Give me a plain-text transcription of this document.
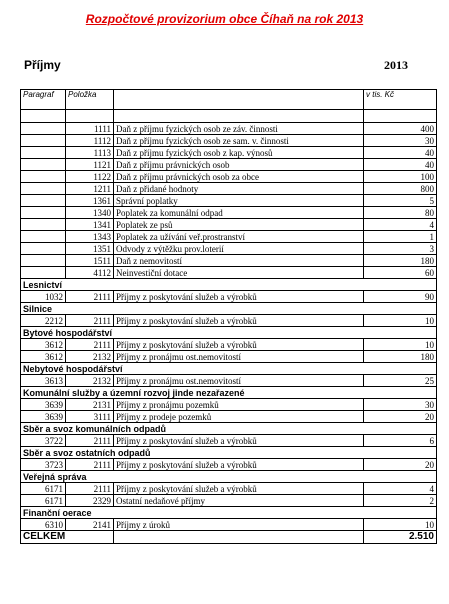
Rozpočtové provizorium obce Číhaň na rok 2013
Příjmy	2013
Paragraf	Položka		v tis. Kč

	1111	Daň z příjmu fyzických osob ze záv. činnosti	400
	1112	Daň z příjmu fyzických osob ze sam. v. činnosti	30
	1113	Daň z příjmu fyzických osob z kap. výnosů	40
	1121	Daň z příjmu právnických osob	40
	1122	Daň z příjmu právnických osob za obce	100
	1211	Daň z přidané hodnoty	800
	1361	Správní poplatky	5
	1340	Poplatek za komunální odpad	80
	1341	Poplatek ze psů	4
	1343	Poplatek za užívání veř.prostranství	1
	1351	Odvody z výtěžku prov.loterií	3
	1511	Daň z nemovitostí	180
	4112	Neinvestiční dotace	60
Lesnictví			
1032	2111	Příjmy z poskytování služeb a výrobků	90
Silnice			
2212	2111	Příjmy z poskytování služeb a výrobků	10
Bytové hospodářství			
3612	2111	Příjmy z poskytování služeb a výrobků	10
3612	2132	Příjmy z pronájmu ost.nemovitostí	180
Nebytové hospodářství			
3613	2132	Příjmy z pronájmu ost.nemovitostí	25
Komunální služby a územní rozvoj jinde nezařazené			
3639	2131	Příjmy z pronájmu pozemků	30
3639	3111	Příjmy z prodeje pozemků	20
Sběr a svoz komunálních odpadů			
3722	2111	Příjmy z poskytování služeb a výrobků	6
Sběr a svoz ostatních odpadů			
3723	2111	Příjmy z poskytování služeb a výrobků	20
Veřejná správa			
6171	2111	Příjmy z poskytování služeb a výrobků	4
6171	2329	Ostatní nedaňové příjmy	2
Finanční oerace			
6310	2141	Příjmy z úroků	10
CELKEM			2.510
